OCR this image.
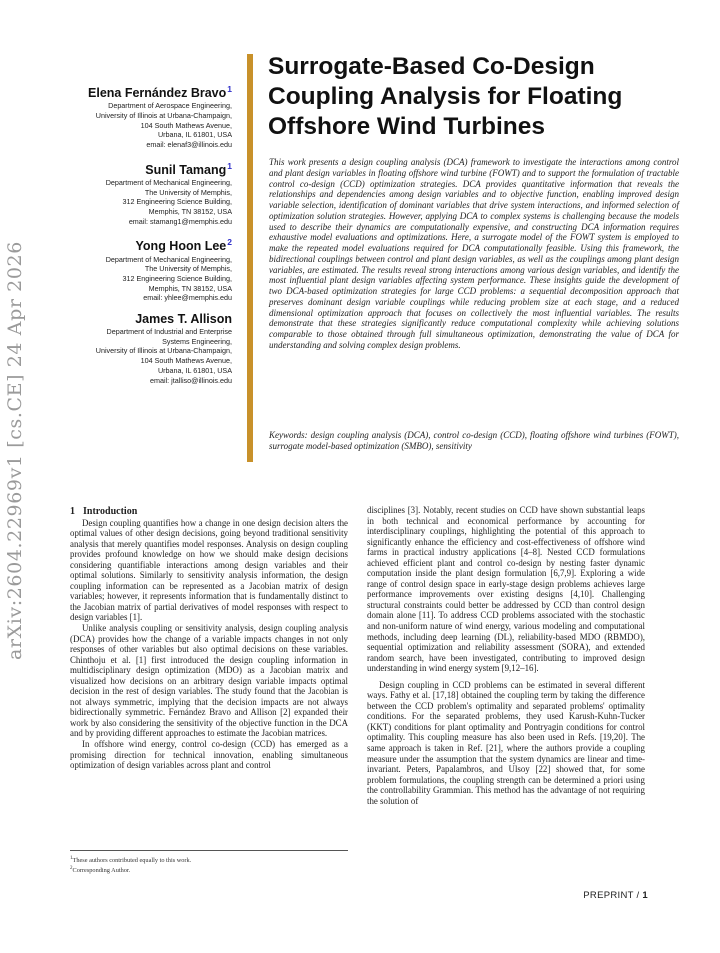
arXiv:2604.22969v1 [cs.CE] 24 Apr 2026
Elena Fernández Bravo$^1$
Department of Aerospace Engineering,
University of Illinois at Urbana-Champaign,
104 South Mathews Avenue,
Urbana, IL 61801, USA
email: elenaf3@illinois.edu
Sunil Tamang$^1$
Department of Mechanical Engineering,
The University of Memphis,
312 Engineering Science Building,
Memphis, TN 38152, USA
email: stamang1@memphis.edu
Yong Hoon Lee$^2$
Department of Mechanical Engineering,
The University of Memphis,
312 Engineering Science Building,
Memphis, TN 38152, USA
email: yhlee@memphis.edu
James T. Allison
Department of Industrial and Enterprise
Systems Engineering,
University of Illinois at Urbana-Champaign,
104 South Mathews Avenue,
Urbana, IL 61801, USA
email: jtalliso@illinois.edu
Surrogate-Based Co-Design
Coupling Analysis for Floating
Offshore Wind Turbines

This work presents a design coupling analysis (DCA) framework to investigate the interactions among control and plant design variables in floating offshore wind turbine (FOWT) and to support the formulation of tractable control co-design (CCD) optimization strategies. DCA provides quantitative information that reveals the relationships and dependencies among design variables and to objective function, enabling improved design variable selection, identification of dominant variables that drive system interactions, and informed selection of optimization solution strategies. However, applying DCA to complex systems is challenging because the models used to describe their dynamics are computationally expensive, and constructing DCA information requires exhaustive model evaluations and optimizations. Here, a surrogate model of the FOWT system is employed to make the repeated model evaluations required for DCA computationally feasible. Using this framework, the bidirectional couplings between control and plant design variables, as well as the couplings among plant design variables, are estimated. The results reveal strong interactions among various design variables, and identify the most influential plant design variables affecting system performance. These insights guide the development of two DCA-based optimization strategies for large CCD problems: a sequential decomposition approach that preserves dominant design variable couplings while reducing problem size at each stage, and a reduced dimensional optimization approach that focuses on collectively the most influential variables. The results demonstrate that these strategies significantly reduce computational complexity while achieving solutions comparable to those obtained through full simultaneous optimization, demonstrating the value of DCA for understanding and solving complex design problems.

Keywords: design coupling analysis (DCA), control co-design (CCD), floating offshore wind turbines (FOWT), surrogate model-based optimization (SMBO), sensitivity

1 Introduction

Design coupling quantifies how a change in one design decision alters the optimal values of other design decisions, going beyond traditional sensitivity analysis that merely quantifies model responses. Analysis on design coupling provides profound knowledge on how we should make design decisions considering quantifiable interactions among design variables and their optimal solutions. Similarly to sensitivity analysis information, the design coupling information can be represented as a Jacobian matrix of design variables; however, it represents information that is fundamentally distinct to the Jacobian matrix of partial derivatives of model responses with respect to design variables [1].

Unlike analysis coupling or sensitivity analysis, design coupling analysis (DCA) provides how the change of a variable impacts changes in not only responses of other variables but also optimal decisions on these variables. Chinthoju et al. [1] first introduced the design coupling information in multidisciplinary design optimization (MDO) as a Jacobian matrix and visualized how decisions on an arbitrary design variable impacts optimal decision in the rest of design variables. The study found that the Jacobian is not always symmetric, implying that the decision impacts are not always bidirectionally symmetric. Fernández Bravo and Allison [2] expanded their work by also considering the sensitivity of the objective function in the DCA and by providing different approaches to estimate the Jacobian matrices.

In offshore wind energy, control co-design (CCD) has emerged as a promising direction for technical innovation, enabling simultaneous optimization of design variables across plant and control

$^1$These authors contributed equally to this work.
$^2$Corresponding Author.

disciplines [3]. Notably, recent studies on CCD have shown substantial leaps in both technical and economical performance by accounting for interdisciplinary couplings, highlighting the potential of this approach to significantly enhance the efficiency and cost-effectiveness of offshore wind farms in practical industry applications [4–8]. Nested CCD formulations achieved efficient plant and control co-design by nesting faster dynamic computation inside the plant design formulation [6,7,9]. Exploring a wide range of control design space in early-stage design problems achieves large performance improvements over existing designs [4,10]. Challenging structural constraints could better be addressed by CCD than control design domain alone [11]. To address CCD problems associated with the stochastic and non-uniform nature of wind energy, various modeling and computational methods, including deep learning (DL), reliability-based MDO (RBMDO), sequential optimization and reliability assessment (SORA), and extended random search, have been investigated, contributing to improved design understanding in wind energy system [9,12–16].

Design coupling in CCD problems can be estimated in several different ways. Fathy et al. [17,18] obtained the coupling term by taking the difference between the CCD problem's optimality and separated problems' optimality conditions. For the separated problems, they used Karush-Kuhn-Tucker (KKT) conditions for plant optimality and Pontryagin conditions for control optimality. This coupling measure has also been used in Refs. [19,20]. The same approach is taken in Ref. [21], where the authors provide a coupling measure under the assumption that the system dynamics are linear and time-invariant. Peters, Papalambros, and Ulsoy [22] showed that, for some problem formulations, the coupling strength can be determined a priori using the controllability Grammian. This method has the advantage of not requiring the solution of

PREPRINT / 1
